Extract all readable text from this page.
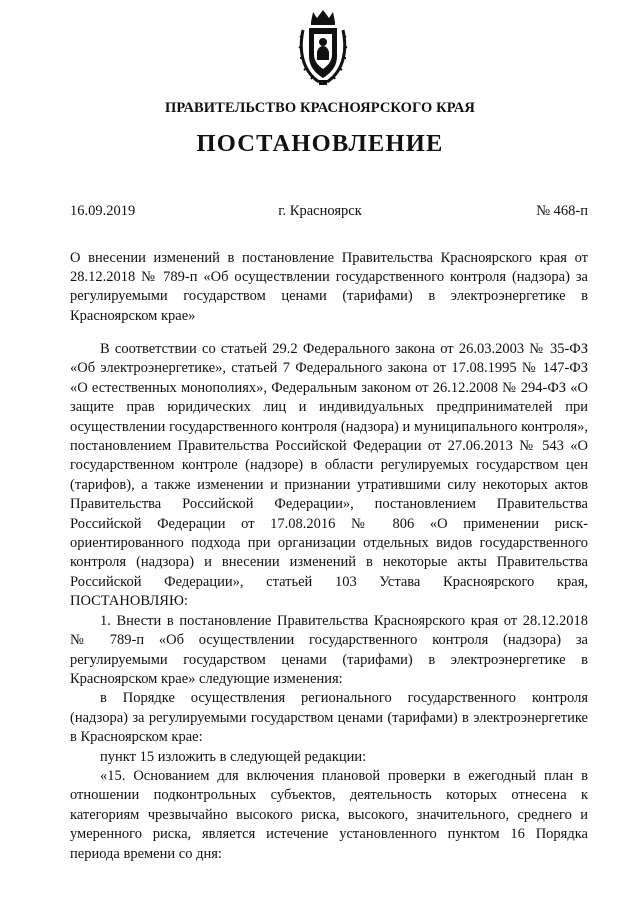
ПРАВИТЕЛЬСТВО КРАСНОЯРСКОГО КРАЯ
ПОСТАНОВЛЕНИЕ
16.09.2019	г. Красноярск	№ 468-п
О внесении изменений в постановление Правительства Красноярского края от 28.12.2018 № 789-п «Об осуществлении государственного контроля (надзора) за регулируемыми государством ценами (тарифами) в электроэнергетике в Красноярском крае»

В соответствии со статьей 29.2 Федерального закона от 26.03.2003 № 35-ФЗ «Об электроэнергетике», статьей 7 Федерального закона от 17.08.1995 № 147-ФЗ «О естественных монополиях», Федеральным законом от 26.12.2008 № 294-ФЗ «О защите прав юридических лиц и индивидуальных предпринимателей при осуществлении государственного контроля (надзора) и муниципального контроля», постановлением Правительства Российской Федерации от 27.06.2013 № 543 «О государственном контроле (надзоре) в области регулируемых государством цен (тарифов), а также изменении и признании утратившими силу некоторых актов Правительства Российской Федерации», постановлением Правительства Российской Федерации от 17.08.2016 № 806 «О применении риск-ориентированного подхода при организации отдельных видов государственного контроля (надзора) и внесении изменений в некоторые акты Правительства Российской Федерации», статьей 103 Устава Красноярского края, ПОСТАНОВЛЯЮ:

1. Внести в постановление Правительства Красноярского края от 28.12.2018 № 789-п «Об осуществлении государственного контроля (надзора) за регулируемыми государством ценами (тарифами) в электроэнергетике в Красноярском крае» следующие изменения:

в Порядке осуществления регионального государственного контроля (надзора) за регулируемыми государством ценами (тарифами) в электроэнергетике в Красноярском крае:

пункт 15 изложить в следующей редакции:

«15. Основанием для включения плановой проверки в ежегодный план в отношении подконтрольных субъектов, деятельность которых отнесена к категориям чрезвычайно высокого риска, высокого, значительного, среднего и умеренного риска, является истечение установленного пунктом 16 Порядка периода времени со дня:
